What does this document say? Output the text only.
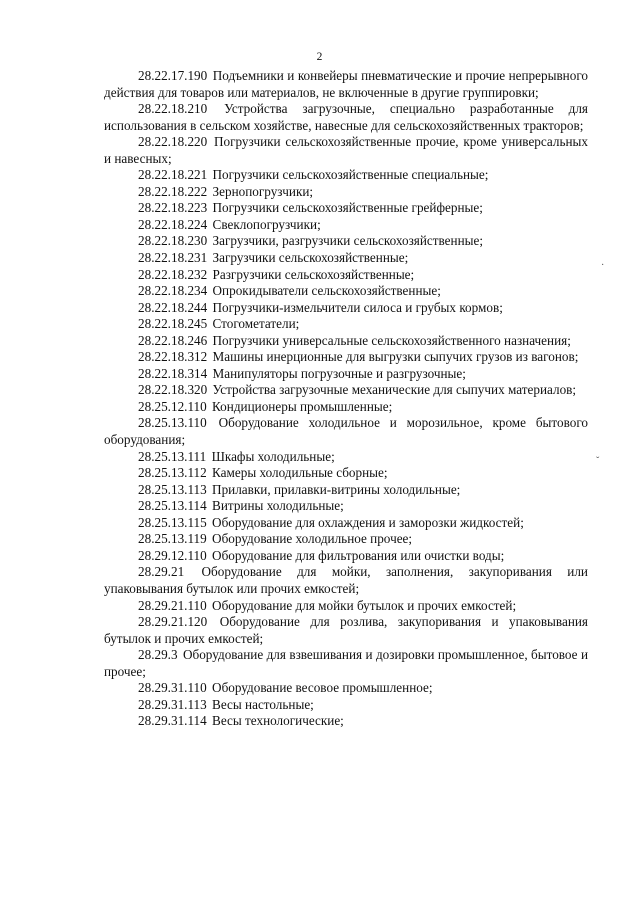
2

28.22.17.190 Подъемники и конвейеры пневматические и прочие непрерывного действия для товаров или материалов, не включенные в другие группировки;

28.22.18.210 Устройства загрузочные, специально разработанные для использования в сельском хозяйстве, навесные для сельскохозяйственных тракторов;

28.22.18.220 Погрузчики сельскохозяйственные прочие, кроме универсальных и навесных;

28.22.18.221 Погрузчики сельскохозяйственные специальные;

28.22.18.222 Зернопогрузчики;

28.22.18.223 Погрузчики сельскохозяйственные грейферные;

28.22.18.224 Свеклопогрузчики;

28.22.18.230 Загрузчики, разгрузчики сельскохозяйственные;

28.22.18.231 Загрузчики сельскохозяйственные;

28.22.18.232 Разгрузчики сельскохозяйственные;

28.22.18.234 Опрокидыватели сельскохозяйственные;

28.22.18.244 Погрузчики-измельчители силоса и грубых кормов;

28.22.18.245 Стогометатели;

28.22.18.246 Погрузчики универсальные сельскохозяйственного назначения;

28.22.18.312 Машины инерционные для выгрузки сыпучих грузов из вагонов;

28.22.18.314 Манипуляторы погрузочные и разгрузочные;

28.22.18.320 Устройства загрузочные механические для сыпучих материалов;

28.25.12.110 Кондиционеры промышленные;

28.25.13.110 Оборудование холодильное и морозильное, кроме бытового оборудования;

28.25.13.111 Шкафы холодильные;

28.25.13.112 Камеры холодильные сборные;

28.25.13.113 Прилавки, прилавки-витрины холодильные;

28.25.13.114 Витрины холодильные;

28.25.13.115 Оборудование для охлаждения и заморозки жидкостей;

28.25.13.119 Оборудование холодильное прочее;

28.29.12.110 Оборудование для фильтрования или очистки воды;

28.29.21 Оборудование для мойки, заполнения, закупоривания или упаковывания бутылок или прочих емкостей;

28.29.21.110 Оборудование для мойки бутылок и прочих емкостей;

28.29.21.120 Оборудование для розлива, закупоривания и упаковывания бутылок и прочих емкостей;

28.29.3 Оборудование для взвешивания и дозировки промышленное, бытовое и прочее;

28.29.31.110 Оборудование весовое промышленное;

28.29.31.113 Весы настольные;

28.29.31.114 Весы технологические;

ˇ
·
